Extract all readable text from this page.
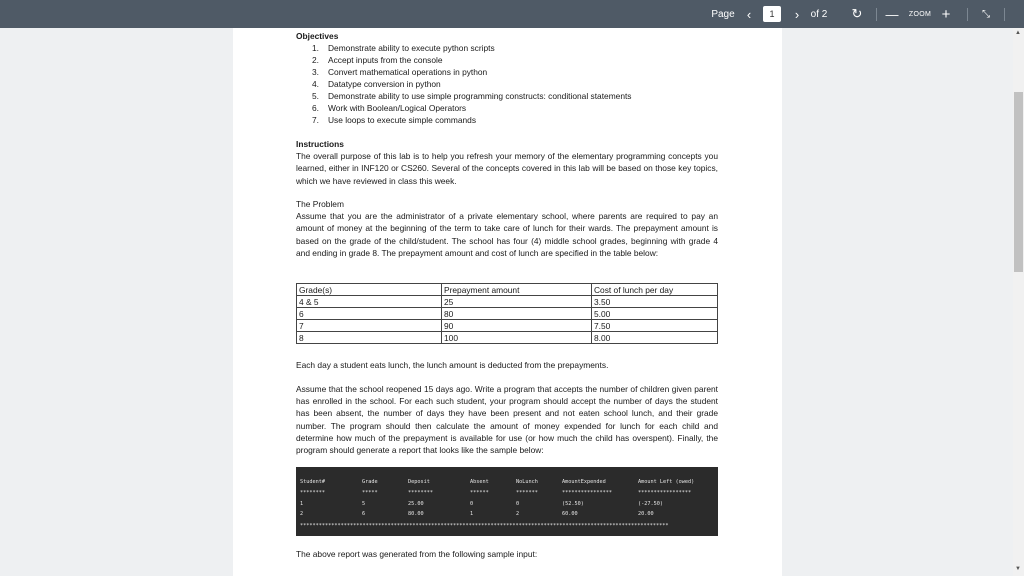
Page ‹	1	›	of 2	↻	—	ZOOM +	⤡
Objectives
1. Demonstrate ability to execute python scripts
2. Accept inputs from the console
3. Convert mathematical operations in python
4. Datatype conversion in python
5. Demonstrate ability to use simple programming constructs: conditional statements
6. Work with Boolean/Logical Operators
7. Use loops to execute simple commands
Instructions
The overall purpose of this lab is to help you refresh your memory of the elementary programming concepts you learned, either in INF120 or CS260. Several of the concepts covered in this lab will be based on those key topics, which we have reviewed in class this week.
The Problem
Assume that you are the administrator of a private elementary school, where parents are required to pay an amount of money at the beginning of the term to take care of lunch for their wards. The prepayment amount is based on the grade of the child/student. The school has four (4) middle school grades, beginning with grade 4 and ending in grade 8. The prepayment amount and cost of lunch are specified in the table below:
Grade(s)	Prepayment amount	Cost of lunch per day
4 & 5	25	3.50
6	80	5.00
7	90	7.50
8	100	8.00
Each day a student eats lunch, the lunch amount is deducted from the prepayments.
Assume that the school reopened 15 days ago. Write a program that accepts the number of children given parent has enrolled in the school. For each such student, your program should accept the number of days the student has been absent, the number of days they have been present and not eaten school lunch, and their grade number. The program should then calculate the amount of money expended for lunch for each child and determine how much of the prepayment is available for use (or how much the child has overspent). Finally, the program should generate a report that looks like the sample below:
Student#	Grade	Deposit	Absent	NoLunch	AmountExpended	Amount Left (owed)
********	*****	********	******	*******	****************	*****************
1	5	25.00	0	0	(52.50)	(-27.50)
2	6	80.00	1	2	60.00	20.00
**********************************************************************************************************************
The above report was generated from the following sample input:
▲
▼
